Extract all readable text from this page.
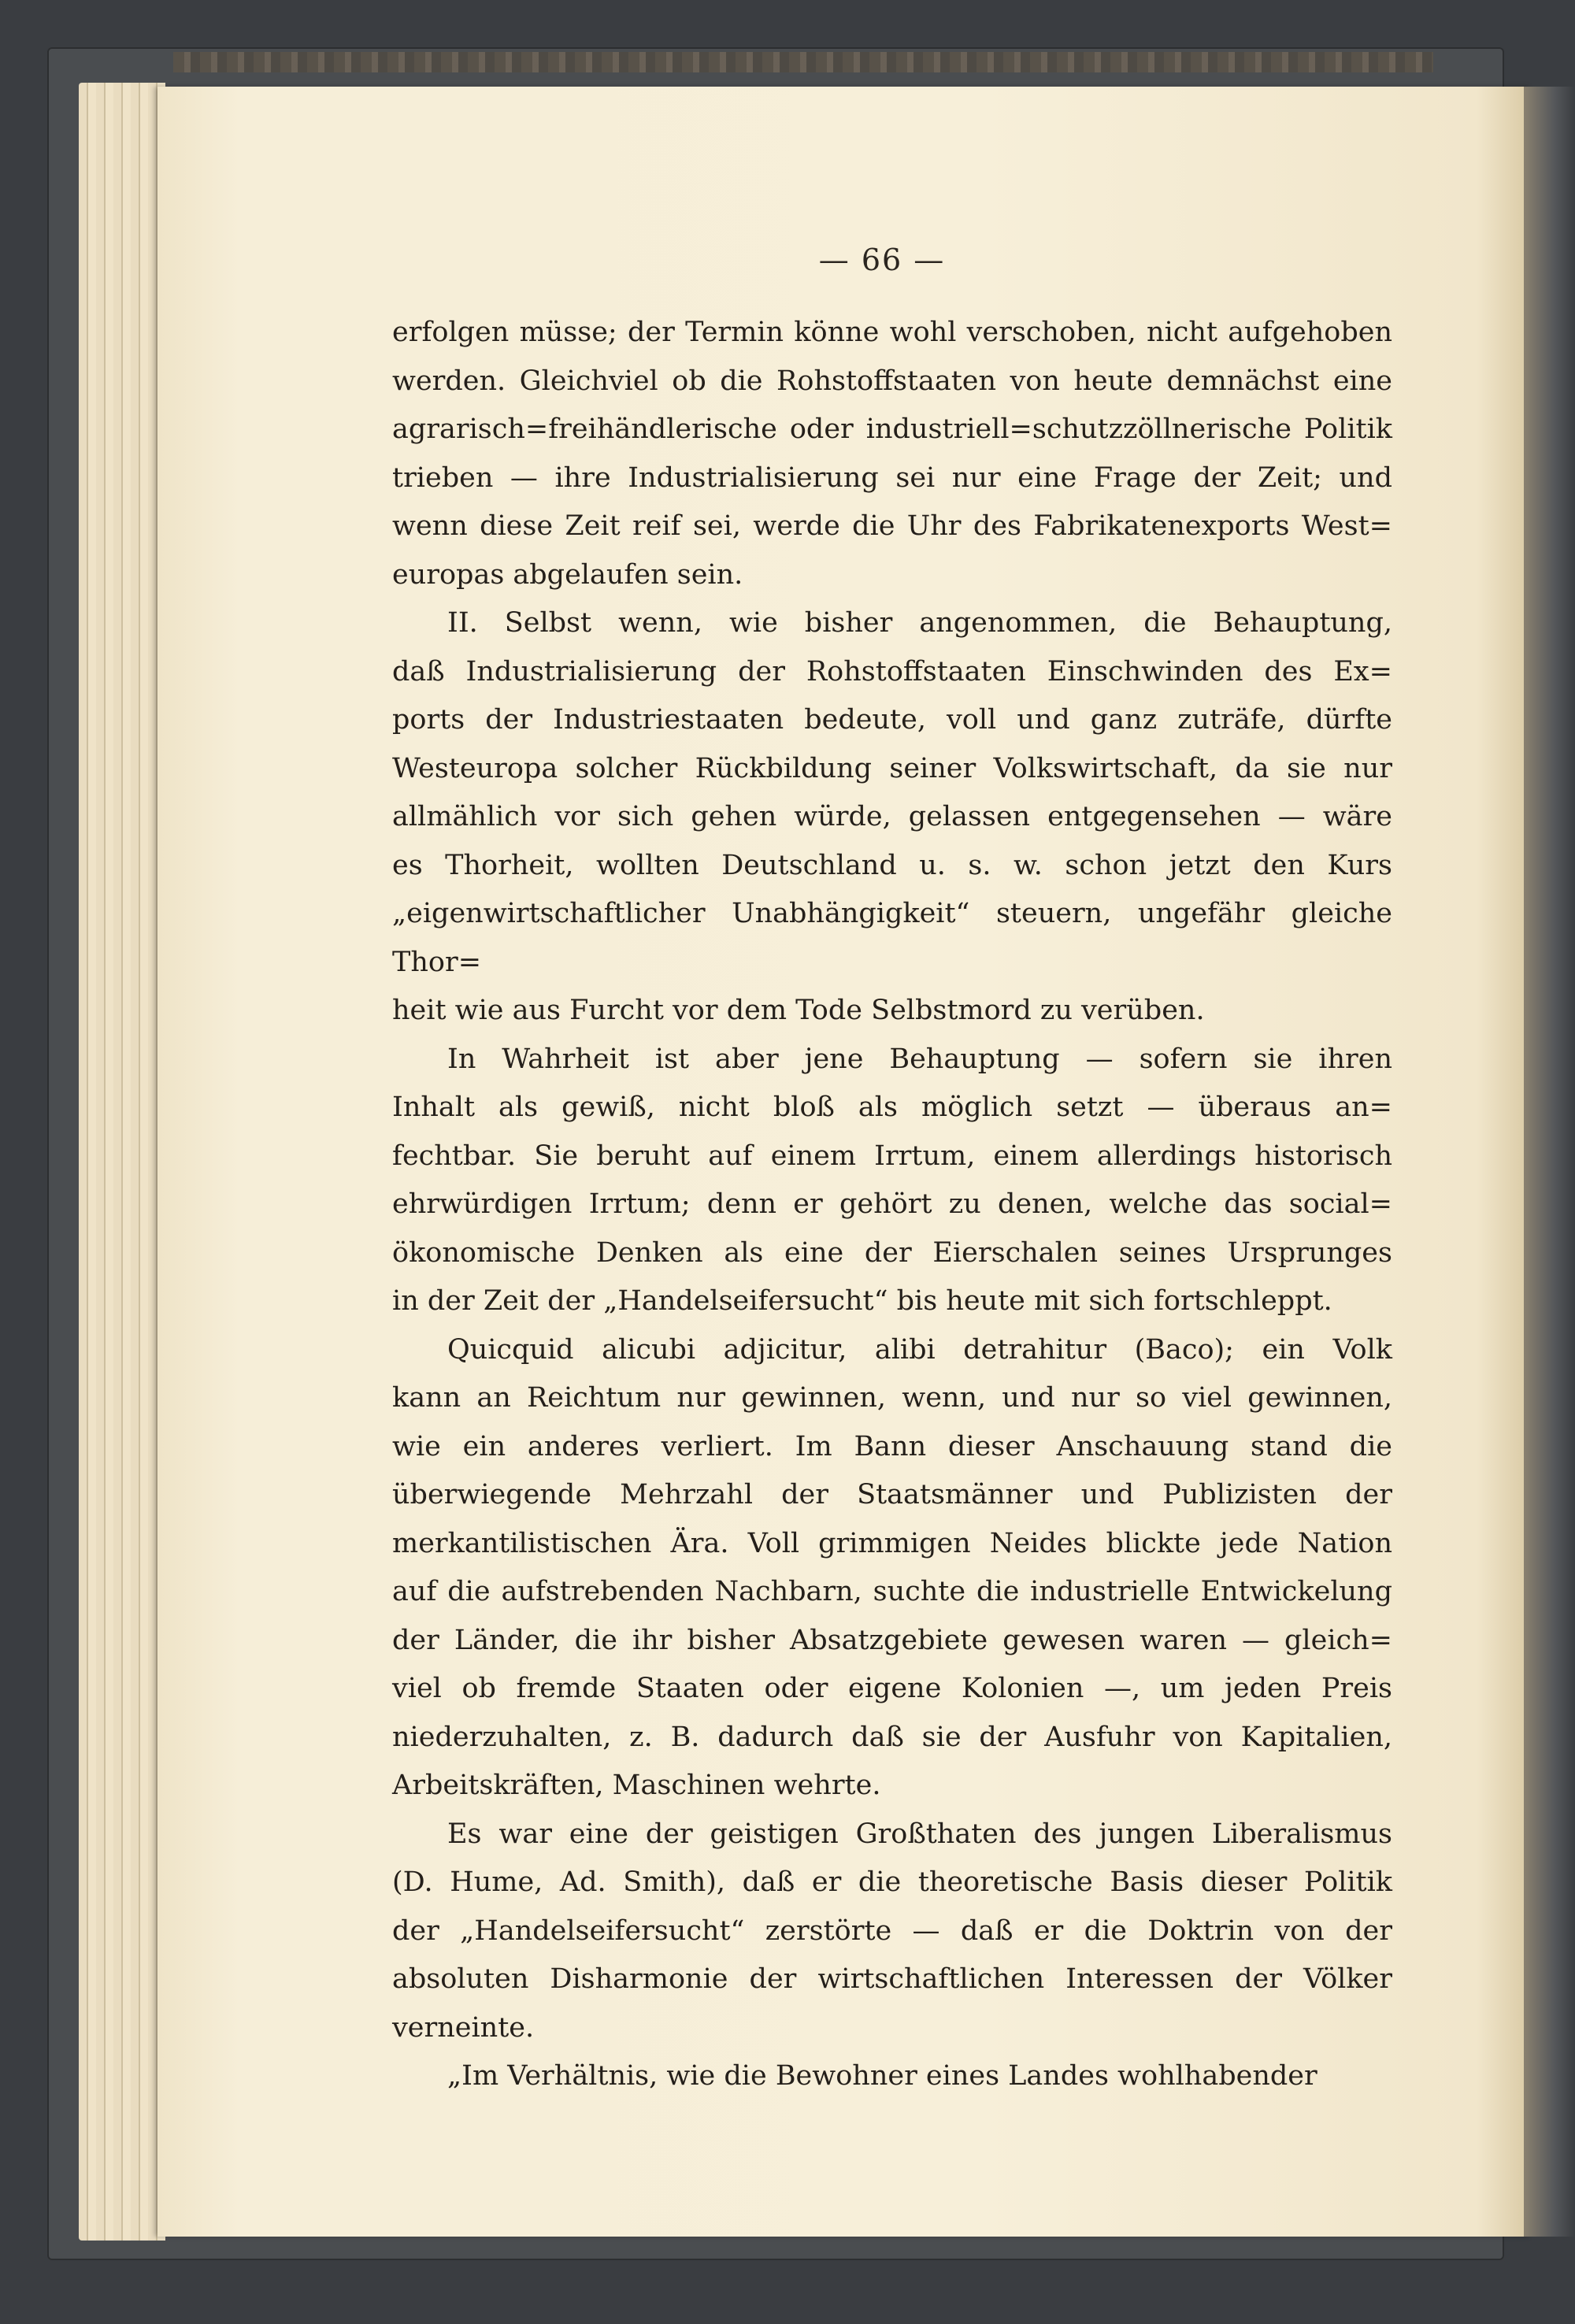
— 66 —

erfolgen müsse; der Termin könne wohl verschoben, nicht aufgehoben
werden. Gleichviel ob die Rohstoffstaaten von heute demnächst eine
agrarisch=freihändlerische oder industriell=schutzzöllnerische Politik
trieben — ihre Industrialisierung sei nur eine Frage der Zeit; und
wenn diese Zeit reif sei, werde die Uhr des Fabrikatenexports West=
europas abgelaufen sein.

II. Selbst wenn, wie bisher angenommen, die Behauptung,
daß Industrialisierung der Rohstoffstaaten Einschwinden des Ex=
ports der Industriestaaten bedeute, voll und ganz zuträfe, dürfte
Westeuropa solcher Rückbildung seiner Volkswirtschaft, da sie nur
allmählich vor sich gehen würde, gelassen entgegensehen — wäre
es Thorheit, wollten Deutschland u. s. w. schon jetzt den Kurs
„eigenwirtschaftlicher Unabhängigkeit“ steuern, ungefähr gleiche Thor=
heit wie aus Furcht vor dem Tode Selbstmord zu verüben.

In Wahrheit ist aber jene Behauptung — sofern sie ihren
Inhalt als gewiß, nicht bloß als möglich setzt — überaus an=
fechtbar. Sie beruht auf einem Irrtum, einem allerdings historisch
ehrwürdigen Irrtum; denn er gehört zu denen, welche das social=
ökonomische Denken als eine der Eierschalen seines Ursprunges
in der Zeit der „Handelseifersucht“ bis heute mit sich fortschleppt.

Quicquid alicubi adjicitur, alibi detrahitur (Baco); ein Volk
kann an Reichtum nur gewinnen, wenn, und nur so viel gewinnen,
wie ein anderes verliert. Im Bann dieser Anschauung stand die
überwiegende Mehrzahl der Staatsmänner und Publizisten der
merkantilistischen Ära. Voll grimmigen Neides blickte jede Nation
auf die aufstrebenden Nachbarn, suchte die industrielle Entwickelung
der Länder, die ihr bisher Absatzgebiete gewesen waren — gleich=
viel ob fremde Staaten oder eigene Kolonien —, um jeden Preis
niederzuhalten, z. B. dadurch daß sie der Ausfuhr von Kapitalien,
Arbeitskräften, Maschinen wehrte.

Es war eine der geistigen Großthaten des jungen Liberalismus
(D. Hume, Ad. Smith), daß er die theoretische Basis dieser Politik
der „Handelseifersucht“ zerstörte — daß er die Doktrin von der
absoluten Disharmonie der wirtschaftlichen Interessen der Völker
verneinte.

„Im Verhältnis, wie die Bewohner eines Landes wohlhabender
